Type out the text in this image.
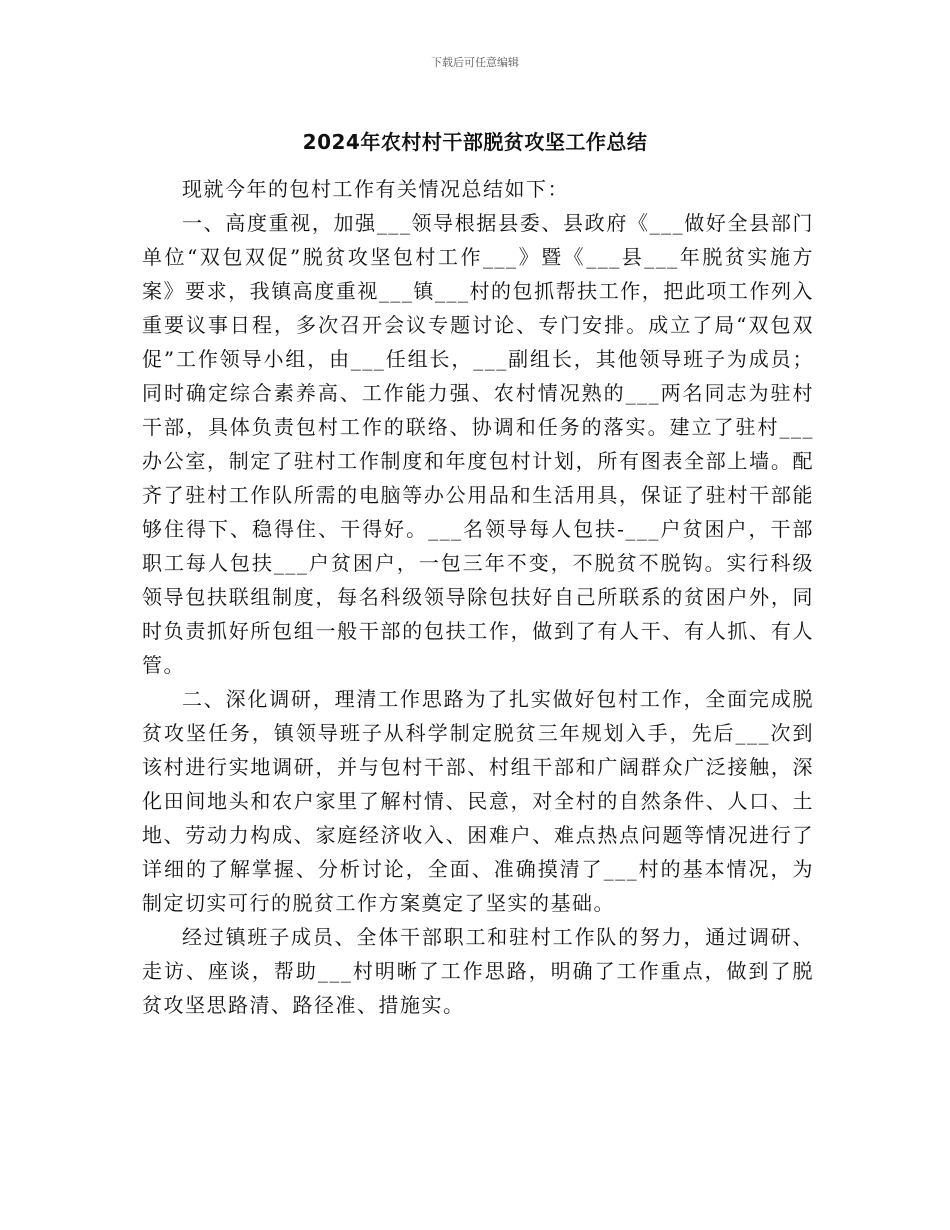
下载后可任意编辑
2024年农村村干部脱贫攻坚工作总结

现就今年的包村工作有关情况总结如下：

一、高度重视，加强___领导根据县委、县政府《___做好全县部门单位“双包双促”脱贫攻坚包村工作___》暨《___县___年脱贫实施方案》要求，我镇高度重视___镇___村的包抓帮扶工作，把此项工作列入重要议事日程，多次召开会议专题讨论、专门安排。成立了局“双包双促”工作领导小组，由___任组长，___副组长，其他领导班子为成员；同时确定综合素养高、工作能力强、农村情况熟的___两名同志为驻村干部，具体负责包村工作的联络、协调和任务的落实。建立了驻村___办公室，制定了驻村工作制度和年度包村计划，所有图表全部上墙。配齐了驻村工作队所需的电脑等办公用品和生活用具，保证了驻村干部能够住得下、稳得住、干得好。___名领导每人包扶-___户贫困户，干部职工每人包扶___户贫困户，一包三年不变，不脱贫不脱钩。实行科级领导包扶联组制度，每名科级领导除包扶好自己所联系的贫困户外，同时负责抓好所包组一般干部的包扶工作，做到了有人干、有人抓、有人管。

二、深化调研，理清工作思路为了扎实做好包村工作，全面完成脱贫攻坚任务，镇领导班子从科学制定脱贫三年规划入手，先后___次到该村进行实地调研，并与包村干部、村组干部和广阔群众广泛接触，深化田间地头和农户家里了解村情、民意，对全村的自然条件、人口、土地、劳动力构成、家庭经济收入、困难户、难点热点问题等情况进行了详细的了解掌握、分析讨论，全面、准确摸清了___村的基本情况，为制定切实可行的脱贫工作方案奠定了坚实的基础。

经过镇班子成员、全体干部职工和驻村工作队的努力，通过调研、走访、座谈，帮助___村明晰了工作思路，明确了工作重点，做到了脱贫攻坚思路清、路径准、措施实。
